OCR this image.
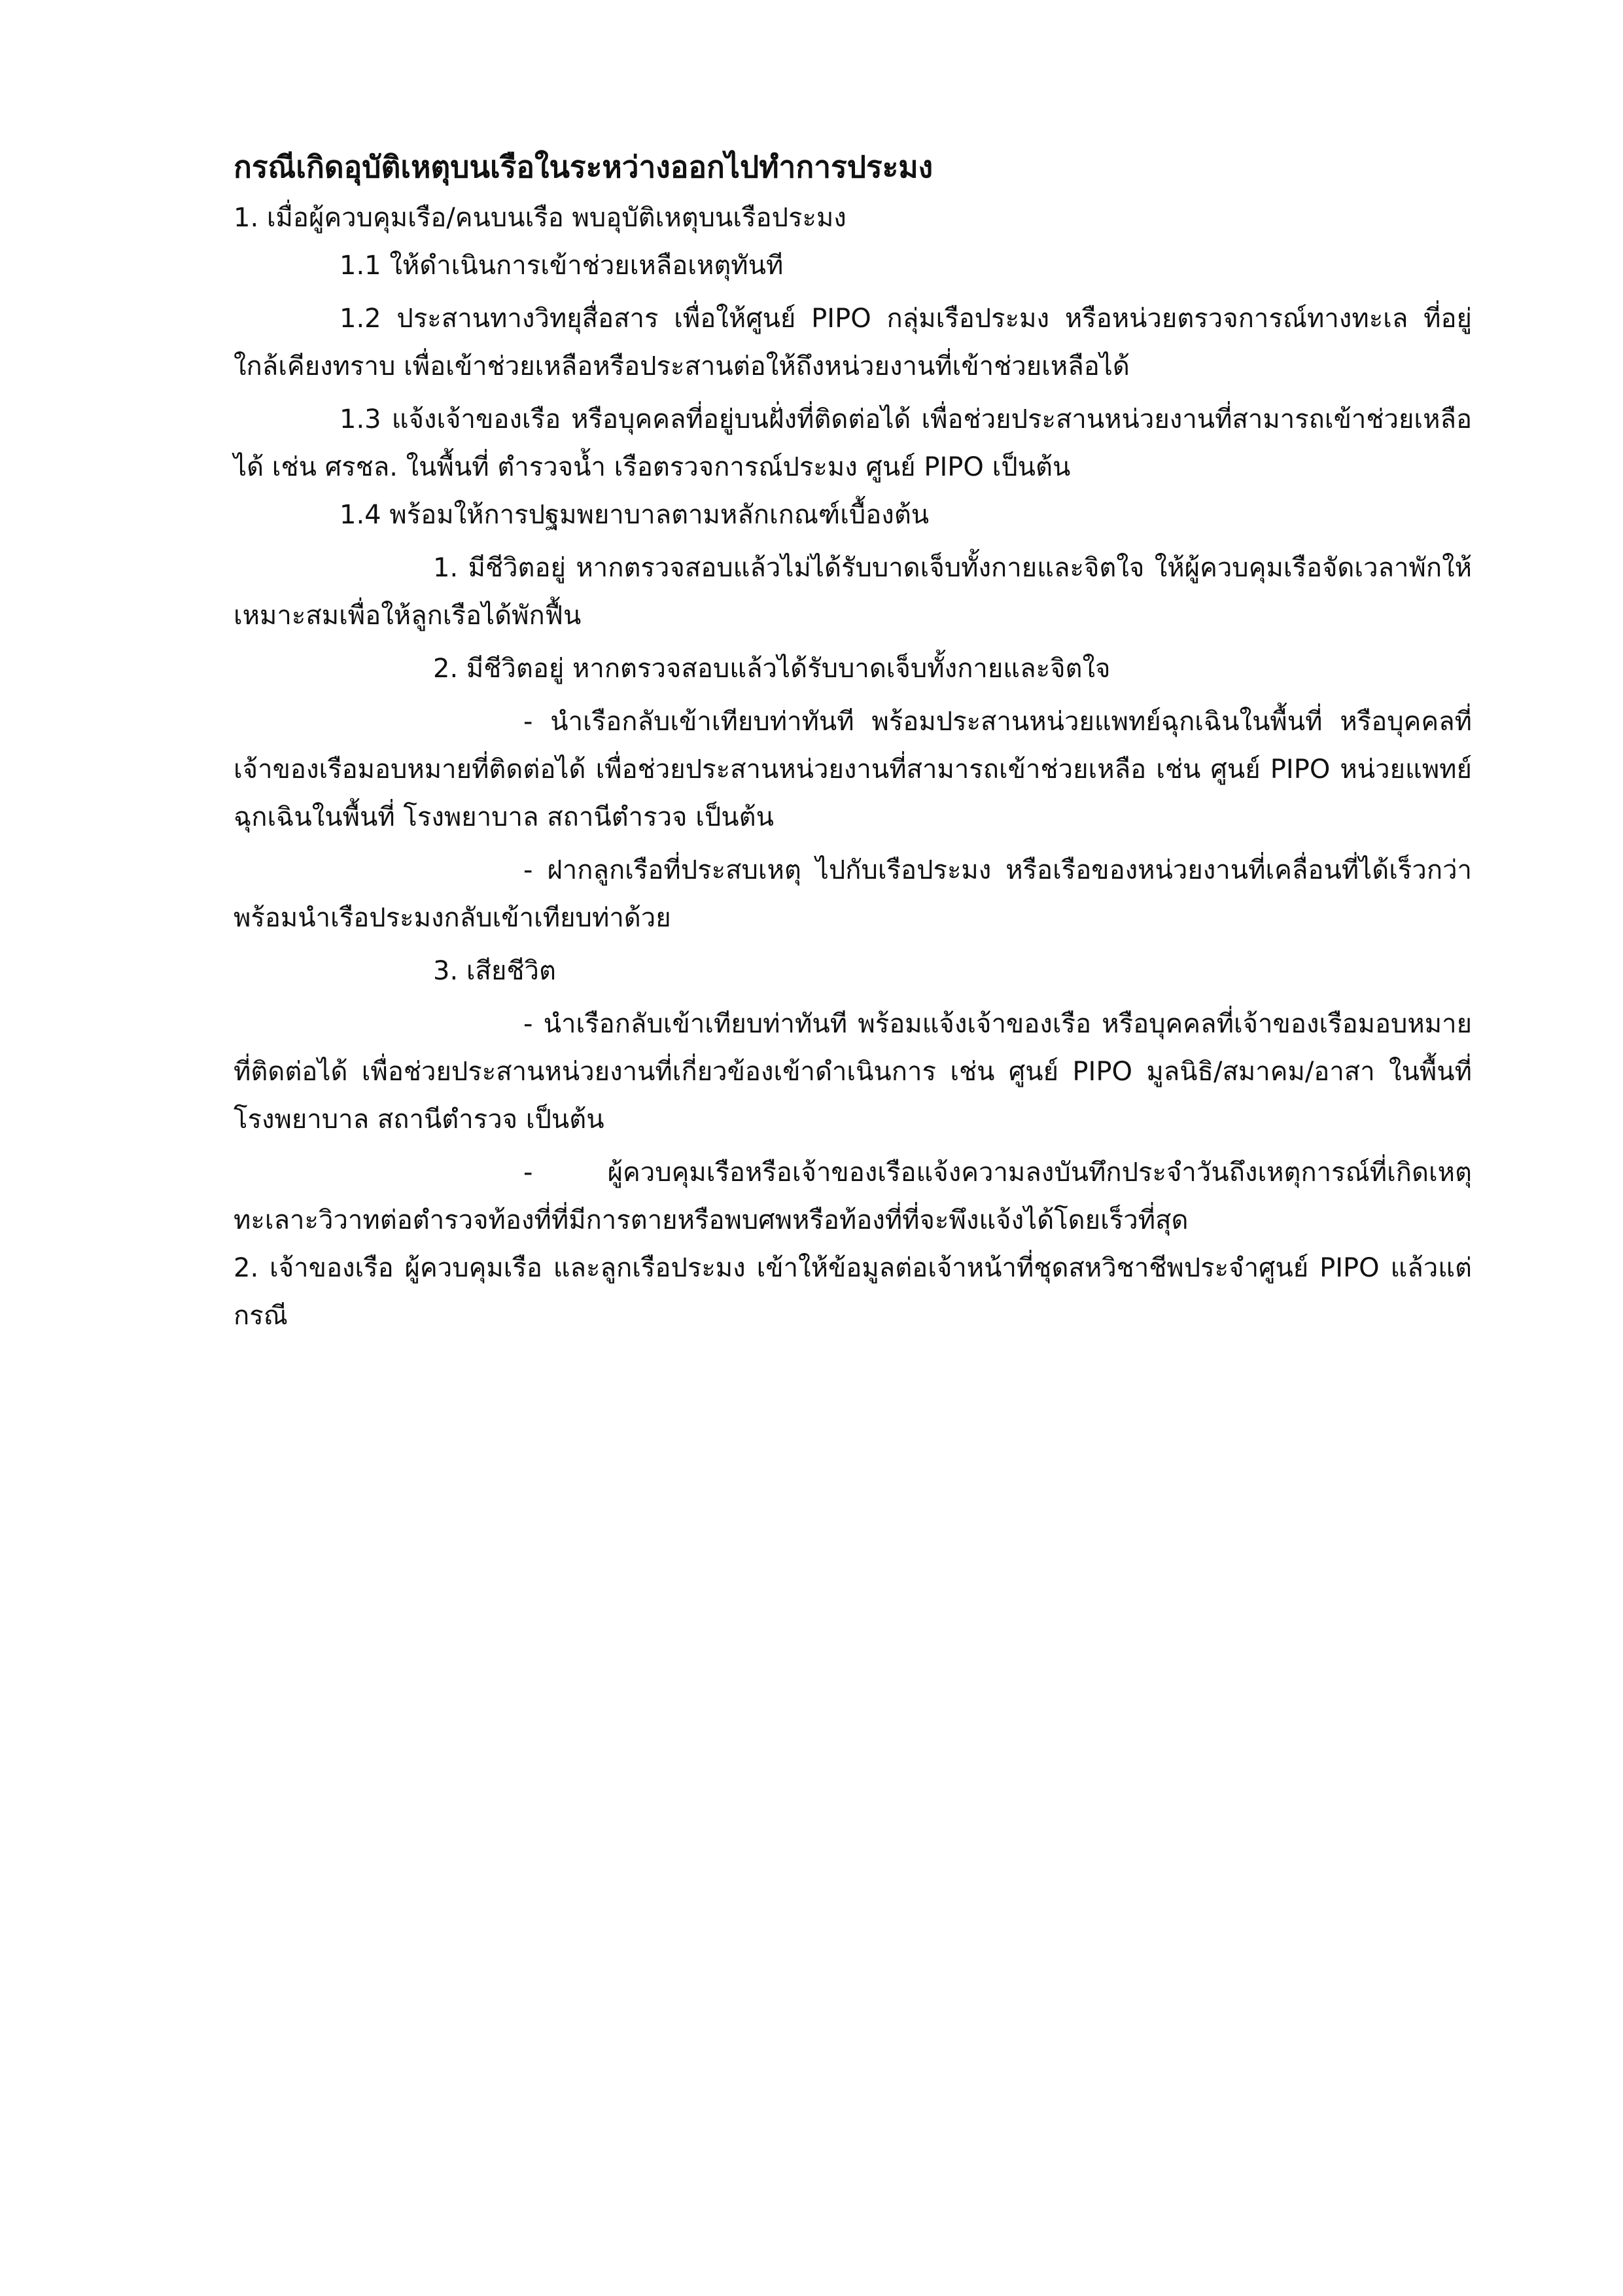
กรณีเกิดอุบัติเหตุบนเรือในระหว่างออกไปทำการประมง

1. เมื่อผู้ควบคุมเรือ/คนบนเรือ พบอุบัติเหตุบนเรือประมง

1.1 ให้ดำเนินการเข้าช่วยเหลือเหตุทันที

1.2 ประสานทางวิทยุสื่อสาร เพื่อให้ศูนย์ PIPO กลุ่มเรือประมง หรือหน่วยตรวจการณ์ทางทะเล ที่อยู่ใกล้เคียงทราบ เพื่อเข้าช่วยเหลือหรือประสานต่อให้ถึงหน่วยงานที่เข้าช่วยเหลือได้

1.3 แจ้งเจ้าของเรือ หรือบุคคลที่อยู่บนฝั่งที่ติดต่อได้ เพื่อช่วยประสานหน่วยงานที่สามารถเข้าช่วยเหลือได้ เช่น ศรชล. ในพื้นที่ ตำรวจน้ำ เรือตรวจการณ์ประมง ศูนย์ PIPO เป็นต้น

1.4 พร้อมให้การปฐมพยาบาลตามหลักเกณฑ์เบื้องต้น

1. มีชีวิตอยู่ หากตรวจสอบแล้วไม่ได้รับบาดเจ็บทั้งกายและจิตใจ ให้ผู้ควบคุมเรือจัดเวลาพักให้เหมาะสมเพื่อให้ลูกเรือได้พักฟื้น

2. มีชีวิตอยู่ หากตรวจสอบแล้วได้รับบาดเจ็บทั้งกายและจิตใจ

- นำเรือกลับเข้าเทียบท่าทันที พร้อมประสานหน่วยแพทย์ฉุกเฉินในพื้นที่ หรือบุคคลที่เจ้าของเรือมอบหมายที่ติดต่อได้ เพื่อช่วยประสานหน่วยงานที่สามารถเข้าช่วยเหลือ เช่น ศูนย์ PIPO หน่วยแพทย์ฉุกเฉินในพื้นที่ โรงพยาบาล สถานีตำรวจ เป็นต้น

- ฝากลูกเรือที่ประสบเหตุ ไปกับเรือประมง หรือเรือของหน่วยงานที่เคลื่อนที่ได้เร็วกว่า พร้อมนำเรือประมงกลับเข้าเทียบท่าด้วย

3. เสียชีวิต

- นำเรือกลับเข้าเทียบท่าทันที พร้อมแจ้งเจ้าของเรือ หรือบุคคลที่เจ้าของเรือมอบหมายที่ติดต่อได้ เพื่อช่วยประสานหน่วยงานที่เกี่ยวข้องเข้าดำเนินการ เช่น ศูนย์ PIPO มูลนิธิ/สมาคม/อาสา ในพื้นที่ โรงพยาบาล สถานีตำรวจ เป็นต้น

- ผู้ควบคุมเรือหรือเจ้าของเรือแจ้งความลงบันทึกประจำวันถึงเหตุการณ์ที่เกิดเหตุทะเลาะวิวาทต่อตำรวจท้องที่ที่มีการตายหรือพบศพหรือท้องที่ที่จะพึงแจ้งได้โดยเร็วที่สุด

2. เจ้าของเรือ ผู้ควบคุมเรือ และลูกเรือประมง เข้าให้ข้อมูลต่อเจ้าหน้าที่ชุดสหวิชาชีพประจำศูนย์ PIPO แล้วแต่กรณี
